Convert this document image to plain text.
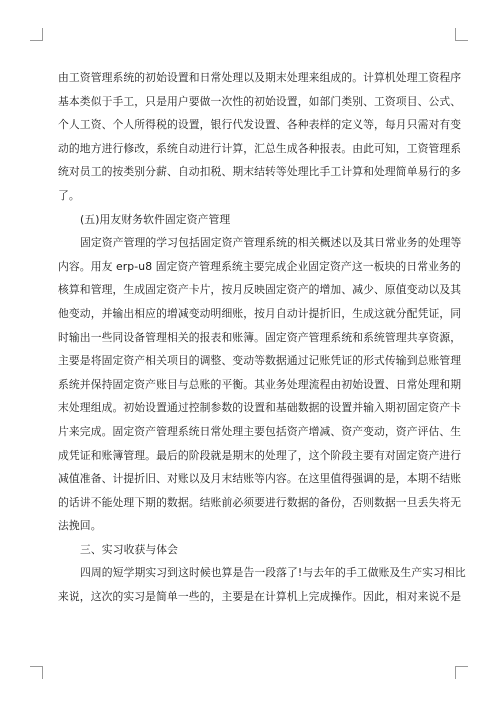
由工资管理系统的初始设置和日常处理以及期末处理来组成的。计算机处理工资程序
基本类似于手工，只是用户要做一次性的初始设置，如部门类别、工资项目、公式、
个人工资、个人所得税的设置，银行代发设置、各种表样的定义等，每月只需对有变
动的地方进行修改，系统自动进行计算，汇总生成各种报表。由此可知，工资管理系
统对员工的按类别分薪、自动扣税、期末结转等处理比手工计算和处理简单易行的多
了。
(五)用友财务软件固定资产管理
固定资产管理的学习包括固定资产管理系统的相关概述以及其日常业务的处理等
内容。用友 erp-u8 固定资产管理系统主要完成企业固定资产这一板块的日常业务的
核算和管理，生成固定资产卡片，按月反映固定资产的增加、减少、原值变动以及其
他变动，并输出相应的增减变动明细账，按月自动计提折旧，生成这就分配凭证，同
时输出一些同设备管理相关的报表和账簿。固定资产管理系统和系统管理共享资源，
主要是将固定资产相关项目的调整、变动等数据通过记账凭证的形式传输到总账管理
系统并保持固定资产账目与总账的平衡。其业务处理流程由初始设置、日常处理和期
末处理组成。初始设置通过控制参数的设置和基础数据的设置并输入期初固定资产卡
片来完成。固定资产管理系统日常处理主要包括资产增减、资产变动，资产评估、生
成凭证和账簿管理。最后的阶段就是期末的处理了，这个阶段主要有对固定资产进行
减值准备、计提折旧、对账以及月末结账等内容。在这里值得强调的是，本期不结账
的话讲不能处理下期的数据。结账前必须要进行数据的备份，否则数据一旦丢失将无
法挽回。
三、实习收获与体会
四周的短学期实习到这时候也算是告一段落了!与去年的手工做账及生产实习相比
来说，这次的实习是简单一些的，主要是在计算机上完成操作。因此，相对来说不是
